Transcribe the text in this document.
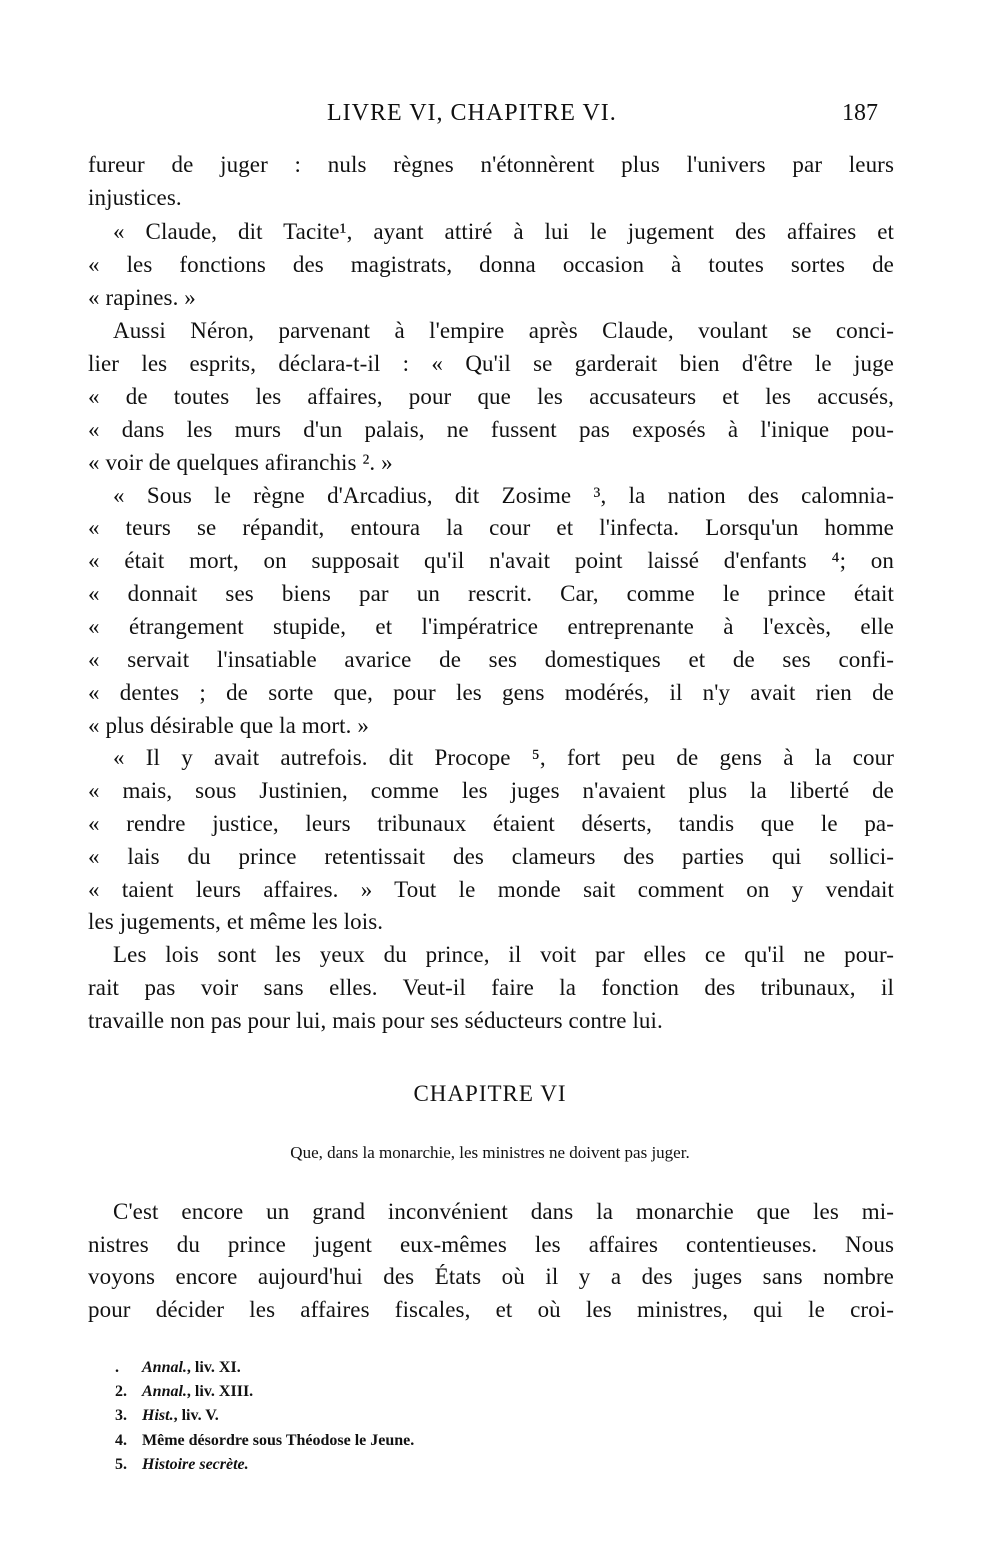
LIVRE VI, CHAPITRE VI.	187
fureur de juger : nuls règnes n'étonnèrent plus l'univers par leurs
injustices.
« Claude, dit Tacite¹, ayant attiré à lui le jugement des affaires et
« les fonctions des magistrats, donna occasion à toutes sortes de
« rapines. »
Aussi Néron, parvenant à l'empire après Claude, voulant se conci-
lier les esprits, déclara-t-il : « Qu'il se garderait bien d'être le juge
« de toutes les affaires, pour que les accusateurs et les accusés,
« dans les murs d'un palais, ne fussent pas exposés à l'inique pou-
« voir de quelques afiranchis ². »
« Sous le règne d'Arcadius, dit Zosime ³, la nation des calomnia-
« teurs se répandit, entoura la cour et l'infecta. Lorsqu'un homme
« était mort, on supposait qu'il n'avait point laissé d'enfants ⁴; on
« donnait ses biens par un rescrit. Car, comme le prince était
« étrangement stupide, et l'impératrice entreprenante à l'excès, elle
« servait l'insatiable avarice de ses domestiques et de ses confi-
« dentes ; de sorte que, pour les gens modérés, il n'y avait rien de
« plus désirable que la mort. »
« Il y avait autrefois. dit Procope ⁵, fort peu de gens à la cour
« mais, sous Justinien, comme les juges n'avaient plus la liberté de
« rendre justice, leurs tribunaux étaient déserts, tandis que le pa-
« lais du prince retentissait des clameurs des parties qui sollici-
« taient leurs affaires. » Tout le monde sait comment on y vendait
les jugements, et même les lois.
Les lois sont les yeux du prince, il voit par elles ce qu'il ne pour-
rait pas voir sans elles. Veut-il faire la fonction des tribunaux, il
travaille non pas pour lui, mais pour ses séducteurs contre lui.
CHAPITRE VI
Que, dans la monarchie, les ministres ne doivent pas juger.
C'est encore un grand inconvénient dans la monarchie que les mi-
nistres du prince jugent eux-mêmes les affaires contentieuses. Nous
voyons encore aujourd'hui des États où il y a des juges sans nombre
pour décider les affaires fiscales, et où les ministres, qui le croi-
. Annal., liv. XI.
2. Annal., liv. XIII.
3. Hist., liv. V.
4. Même désordre sous Théodose le Jeune.
5. Histoire secrète.
